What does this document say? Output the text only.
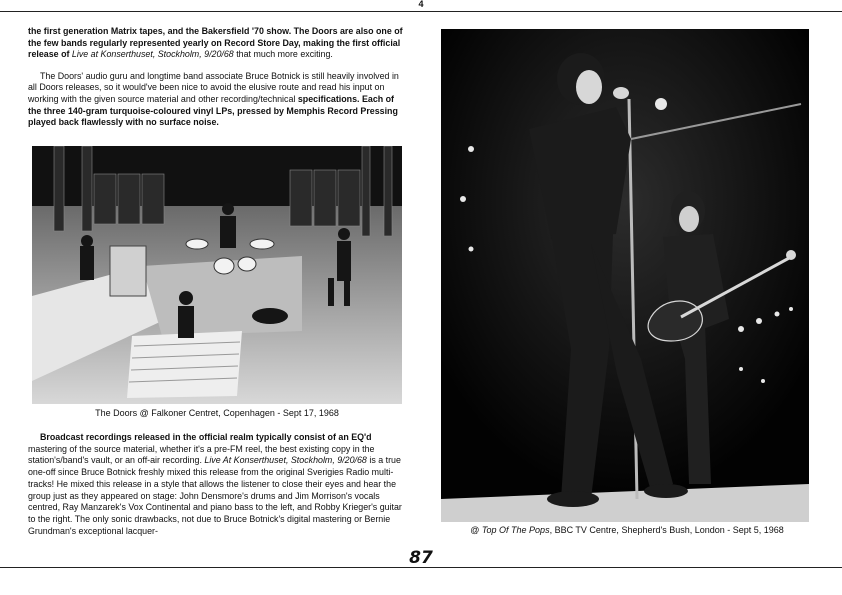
4

the first generation Matrix tapes, and the Bakersfield '70 show. The Doors are also one of the few bands regularly represented yearly on Record Store Day, making the first official release of Live at Konserthuset, Stockholm, 9/20/68 that much more exciting.

The Doors' audio guru and longtime band associate Bruce Botnick is still heavily involved in all Doors releases, so it would've been nice to avoid the elusive route and read his input on working with the given source material and other recording/technical specifications. Each of the three 140-gram turquoise-coloured vinyl LPs, pressed by Memphis Record Pressing played back flawlessly with no surface noise.

The Doors @ Falkoner Centret, Copenhagen - Sept 17, 1968

Broadcast recordings released in the official realm typically consist of an EQ'd mastering of the source material, whether it's a pre-FM reel, the best existing copy in the station's/band's vault, or an off-air recording. Live At Konserthuset, Stockholm, 9/20/68 is a true one-off since Bruce Botnick freshly mixed this release from the original Sverigies Radio multi-tracks! He mixed this release in a style that allows the listener to close their eyes and hear the group just as they appeared on stage: John Densmore's drums and Jim Morrison's vocals centred, Ray Manzarek's Vox Continental and piano bass to the left, and Robby Krieger's guitar to the right. The only sonic drawbacks, not due to Bruce Botnick's digital mastering or Bernie Grundman's exceptional lacquer-	@ Top Of The Pops, BBC TV Centre, Shepherd's Bush, London - Sept 5, 1968
87
